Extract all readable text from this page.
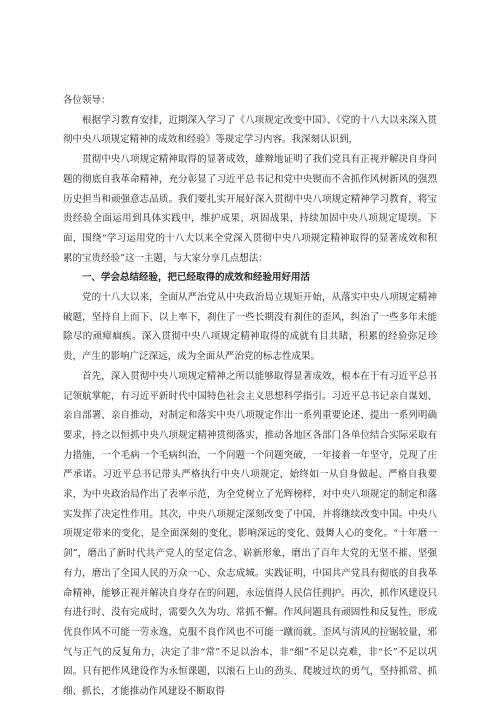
各位领导：

根据学习教育安排，近期深入学习了《八项规定改变中国》、《党的十八大以来深入贯彻中央八项规定精神的成效和经验》等规定学习内容。我深刻认识到，

贯彻中央八项规定精神取得的显著成效，雄辩地证明了我们党具有正视并解决自身问题的彻底自我革命精神，充分彰显了习近平总书记和党中央锲而不舍抓作风树新风的强烈历史担当和顽强意志品质。我们要扎实开展好深入贯彻中央八项规定精神学习教育，将宝贵经验全面运用到具体实践中，维护成果、巩固战果，持续加固中央八项规定堤坝。下面，围绕“学习运用党的十八大以来全党深入贯彻中央八项规定精神取得的显著成效和积累的宝贵经验”这一主题，与大家分享几点想法：

一、学会总结经验，把已经取得的成效和经验用好用活

党的十八大以来，全面从严治党从中央政治局立规矩开始，从落实中央八项规定精神破题，坚持自上而下、以上率下，刹住了一些长期没有刹住的歪风，纠治了一些多年未能除尽的顽瘴痼疾。深入贯彻中央八项规定精神取得的成就有目共睹，积累的经验弥足珍贵，产生的影响广泛深远，成为全面从严治党的标志性成果。

首先，深入贯彻中央八项规定精神之所以能够取得显著成效，根本在于有习近平总书记领航掌舵，有习近平新时代中国特色社会主义思想科学指引。习近平总书记亲自谋划、亲自部署、亲自推动，对制定和落实中央八项规定作出一系列重要论述、提出一系列明确要求，持之以恒抓中央八项规定精神贯彻落实，推动各地区各部门各单位结合实际采取有力措施，一个毛病一个毛病纠治，一个问题一个问题突破，一年接着一年坚守，兑现了庄严承诺。习近平总书记带头严格执行中央八项规定，始终如一从自身做起、严格自我要求，为中央政治局作出了表率示范，为全党树立了光辉榜样，对中央八项规定的制定和落实发挥了决定性作用。其次，中央八项规定深刻改变了中国，并将继续改变中国。中央八项规定带来的变化，是全面深刻的变化、影响深远的变化、鼓舞人心的变化。“十年磨一剑”，磨出了新时代共产党人的坚定信念、崭新形象，磨出了百年大党的无坚不摧、坚强有力，磨出了全国人民的万众一心、众志成城。实践证明，中国共产党具有彻底的自我革命精神，能够正视并解决自身存在的问题，永远值得人民信任拥护。再次，抓作风建设只有进行时、没有完成时，需要久久为功、常抓不懈。作风问题具有顽固性和反复性，形成优良作风不可能一劳永逸，克服不良作风也不可能一蹴而就。歪风与清风的拉锯较量，邪气与正气的反复角力，决定了非“常”不足以治本，非“细”不足以克难，非“长”不足以巩固。只有把作风建设作为永恒课题，以滚石上山的劲头、爬坡过坎的勇气，坚持抓常、抓细、抓长，才能推动作风建设不断取得
